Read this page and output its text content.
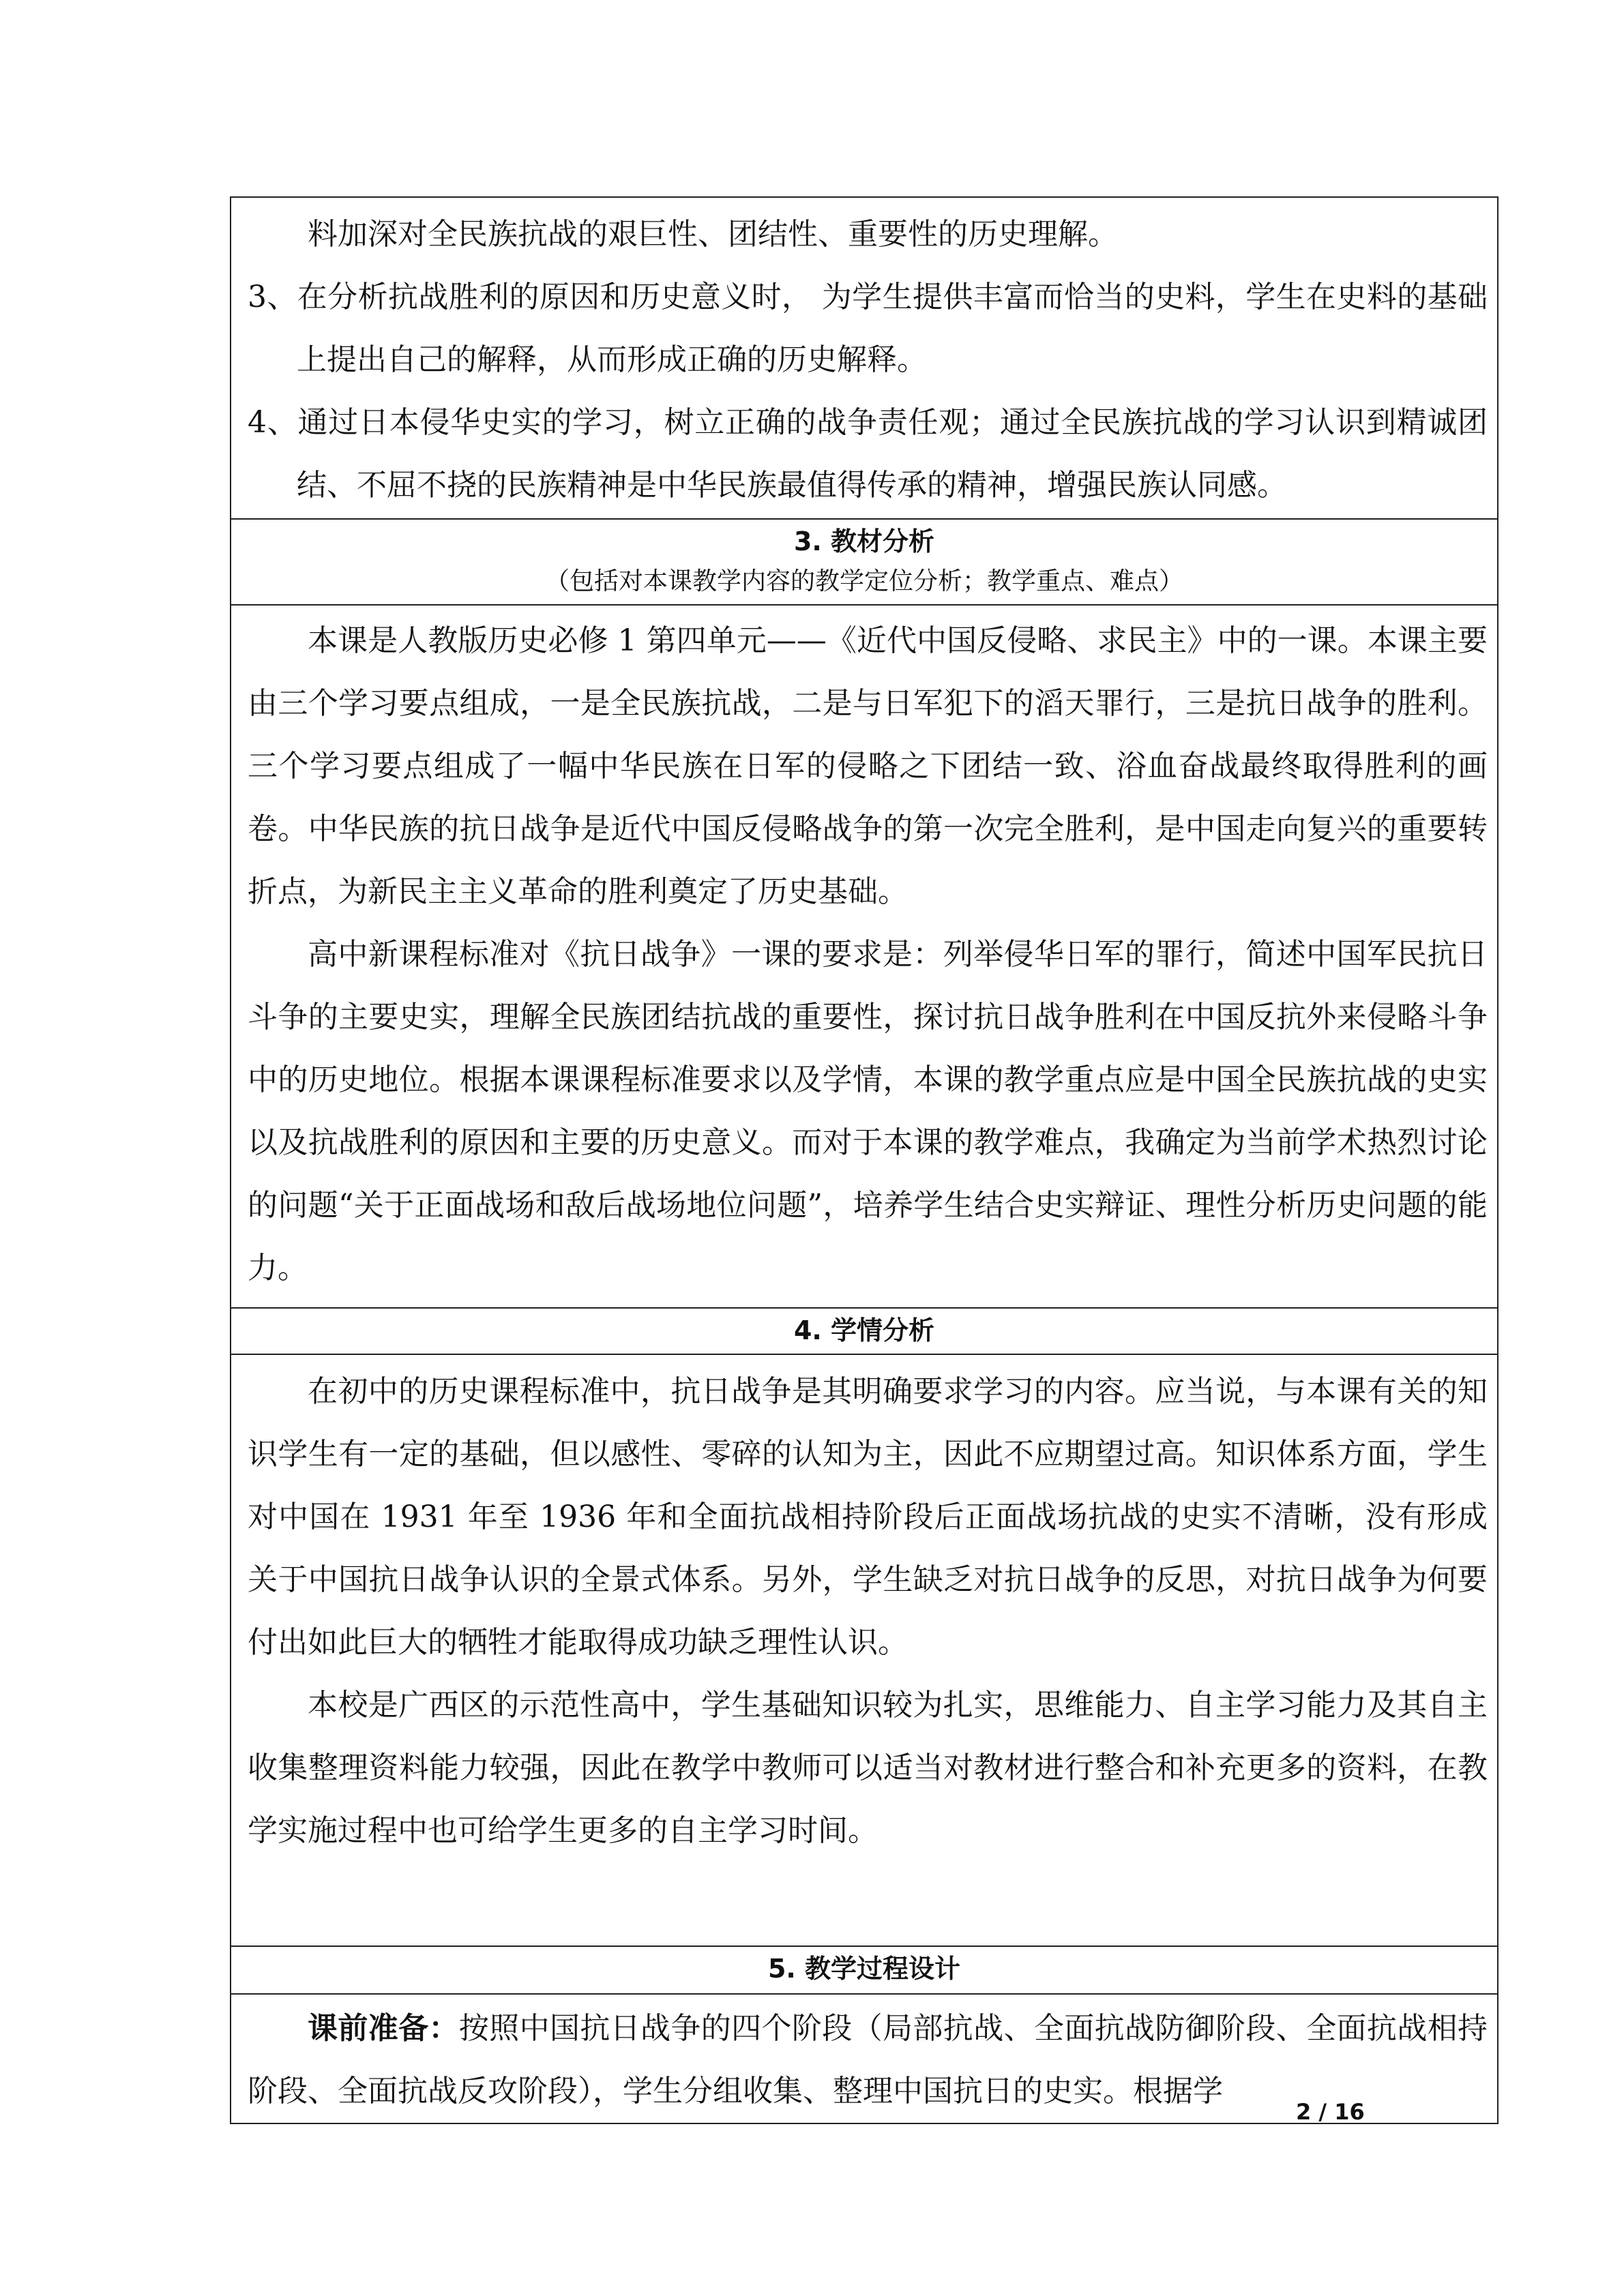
料加深对全民族抗战的艰巨性、团结性、重要性的历史理解。

3、在分析抗战胜利的原因和历史意义时， 为学生提供丰富而恰当的史料，学生在史料的基础上提出自己的解释，从而形成正确的历史解释。

4、通过日本侵华史实的学习，树立正确的战争责任观；通过全民族抗战的学习认识到精诚团结、不屈不挠的民族精神是中华民族最值得传承的精神，增强民族认同感。

3. 教材分析

（包括对本课教学内容的教学定位分析；教学重点、难点）

本课是人教版历史必修 1 第四单元——《近代中国反侵略、求民主》中的一课。本课主要由三个学习要点组成，一是全民族抗战，二是与日军犯下的滔天罪行，三是抗日战争的胜利。三个学习要点组成了一幅中华民族在日军的侵略之下团结一致、浴血奋战最终取得胜利的画卷。中华民族的抗日战争是近代中国反侵略战争的第一次完全胜利，是中国走向复兴的重要转折点，为新民主主义革命的胜利奠定了历史基础。

高中新课程标准对《抗日战争》一课的要求是：列举侵华日军的罪行，简述中国军民抗日斗争的主要史实，理解全民族团结抗战的重要性，探讨抗日战争胜利在中国反抗外来侵略斗争中的历史地位。根据本课课程标准要求以及学情，本课的教学重点应是中国全民族抗战的史实以及抗战胜利的原因和主要的历史意义。而对于本课的教学难点，我确定为当前学术热烈讨论的问题“关于正面战场和敌后战场地位问题”，培养学生结合史实辩证、理性分析历史问题的能力。

4. 学情分析

在初中的历史课程标准中，抗日战争是其明确要求学习的内容。应当说，与本课有关的知识学生有一定的基础，但以感性、零碎的认知为主，因此不应期望过高。知识体系方面，学生对中国在 1931 年至 1936 年和全面抗战相持阶段后正面战场抗战的史实不清晰，没有形成关于中国抗日战争认识的全景式体系。另外，学生缺乏对抗日战争的反思，对抗日战争为何要付出如此巨大的牺牲才能取得成功缺乏理性认识。

本校是广西区的示范性高中，学生基础知识较为扎实，思维能力、自主学习能力及其自主收集整理资料能力较强，因此在教学中教师可以适当对教材进行整合和补充更多的资料，在教学实施过程中也可给学生更多的自主学习时间。

5. 教学过程设计

课前准备：按照中国抗日战争的四个阶段（局部抗战、全面抗战防御阶段、全面抗战相持阶段、全面抗战反攻阶段），学生分组收集、整理中国抗日的史实。根据学

2 / 16
